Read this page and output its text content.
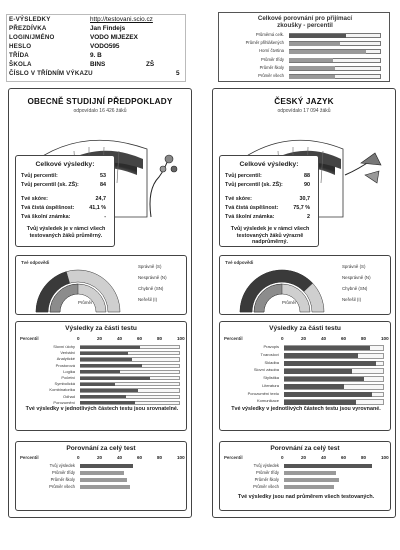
E-VÝSLEDKY	http://testovani.scio.cz
PŘEZDÍVKA	Jan Findejs
LOGIN/JMÉNO	VODO MIJEZEX
HESLO	VODO595
TŘÍDA	9. B
ŠKOLA	BINS	ZŠ
ČÍSLO V TŘÍDNÍM VÝKAZU	5
Celkové porovnání pro přijímací
zkoušky - percentil
Průměrná celk.
Průměr přihlášených
Horní čtvrtina
Průměr třídy
Průměr školy
Průměr všech
OBECNĚ STUDIJNÍ PŘEDPOKLADY
odpovídalo 16 426 žáků
Celkové výsledky:
Tvůj percentil:	53
Tvůj percentil (sk. ZŠ):	84
Tvé skóre:	24,7
Tvá čistá úspěšnost:	41,1 %
Tvá školní známka:	-
Tvůj výsledek je v rámci všech testovaných žáků průměrný.
Tvé odpovědi
Průměr
Správně (S)
Nesprávně (N)
Chybně (SN)
Neřešil (I)
Výsledky za části testu
Percentil	0	20	40	60	80	100
Slovní úlohy
Verbální
Analytické
Prostorová
Logika
Početní
Symbolická
Kombinatorika
Odhad
Porozumění
Tvé výsledky v jednotlivých částech testu jsou srovnatelné.
Porovnání za celý test
Percentil	0	20	40	60	80	100
Tvůj výsledek
Průměr třídy
Průměr školy
Průměr všech
ČESKÝ JAZYK
odpovídalo 17 094 žáků
Celkové výsledky:
Tvůj percentil:	88
Tvůj percentil (sk. ZŠ):	90
Tvé skóre:	30,7
Tvá čistá úspěšnost:	75,7 %
Tvá školní známka:	2
Tvůj výsledek je v rámci všech testovaných žáků výrazně nadprůměrný.
Tvé odpovědi
Průměr
Správně (S)
Nesprávně (N)
Chybně (SN)
Neřešil (I)
Výsledky za části testu
Percentil	0	20	40	60	80	100
Pravopis
Tvarosloví
Skladba
Slovní zásoba
Stylistika
Literatura
Porozumění textu
Komunikace
Tvé výsledky v jednotlivých částech testu jsou vyrovnané.
Porovnání za celý test
Percentil	0	20	40	60	80	100
Tvůj výsledek
Průměr třídy
Průměr školy
Průměr všech
Tvé výsledky jsou nad průměrem všech testovaných.
